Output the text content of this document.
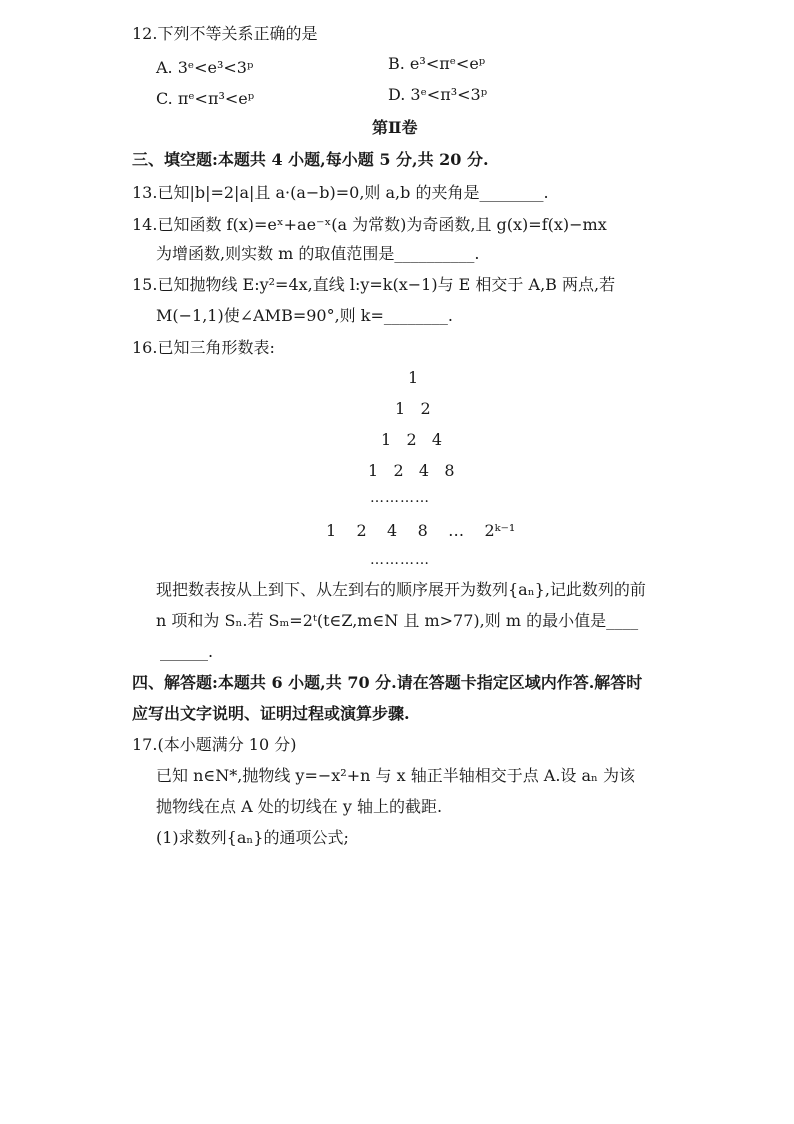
12.下列不等关系正确的是
A. 3ᵉ<e³<3ᵖ	B. e³<πᵉ<eᵖ
C. πᵉ<π³<eᵖ	D. 3ᵉ<π³<3ᵖ
第Ⅱ卷
三、填空题:本题共 4 小题,每小题 5 分,共 20 分.
13.已知|b|=2|a|且 a·(a−b)=0,则 a,b 的夹角是________.
14.已知函数 f(x)=eˣ+ae⁻ˣ(a 为常数)为奇函数,且 g(x)=f(x)−mx
为增函数,则实数 m 的取值范围是__________.
15.已知抛物线 E:y²=4x,直线 l:y=k(x−1)与 E 相交于 A,B 两点,若
M(−1,1)使∠AMB=90°,则 k=________.
16.已知三角形数表:
1
1   2
1   2   4
1   2   4   8
…………
1    2    4    8    …    2ᵏ⁻¹
…………
现把数表按从上到下、从左到右的顺序展开为数列{aₙ},记此数列的前
n 项和为 Sₙ.若 Sₘ=2ᵗ(t∈Z,m∈N 且 m>77),则 m 的最小值是____
______.
四、解答题:本题共 6 小题,共 70 分.请在答题卡指定区域内作答.解答时
应写出文字说明、证明过程或演算步骤.
17.(本小题满分 10 分)
已知 n∈N*,抛物线 y=−x²+n 与 x 轴正半轴相交于点 A.设 aₙ 为该
抛物线在点 A 处的切线在 y 轴上的截距.
(1)求数列{aₙ}的通项公式;
